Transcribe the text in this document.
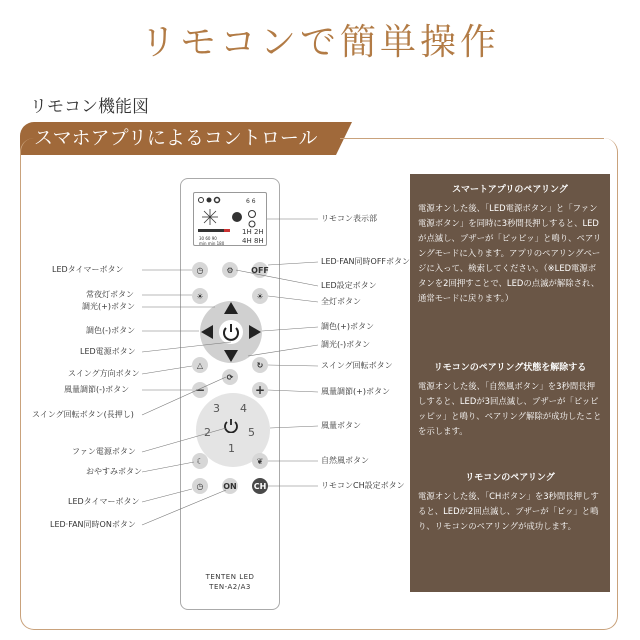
リモコンで簡単操作
リモコン機能図
スマホアプリによるコントロール
6 6
30 60 90
min min 180
1H 2H
4H 8H
◷	⚙ OFF
☀	☀
△	↻
−
⟳
+
3 4
2	5
1
☾	❦
◷ ON CH
TENTEN LED
TEN-A2/A3
LEDタイマーボタン
常夜灯ボタン
調光(+)ボタン
調色(-)ボタン
LED電源ボタン
スイング方向ボタン
風量調節(-)ボタン
スイング回転ボタン(長押し)
ファン電源ボタン
おやすみボタン
LEDタイマーボタン
LED·FAN同時ONボタン
リモコン表示部
LED·FAN同時OFFボタン
LED設定ボタン
全灯ボタン
調色(+)ボタン
調光(-)ボタン
スイング回転ボタン
風量調節(+)ボタン
風量ボタン
自然風ボタン
リモコンCH設定ボタン
スマートアプリのペアリング

電源オンした後、「LED電源ボタン」と「ファン電源ボタン」を同時に3秒間長押しすると、LEDが点滅し、ブザーが「ピッピッ」と鳴り、ペアリングモードに入ります。アプリのペアリングページに入って、検索してください。（※LED電源ボタンを2回押すことで、LEDの点滅が解除され、通常モードに戻ります。）

リモコンのペアリング状態を解除する

電源オンした後、「自然風ボタン」を3秒間長押しすると、LEDが3回点滅し、ブザーが「ピッピッピッ」と鳴り、ペアリング解除が成功したことを示します。

リモコンのペアリング

電源オンした後、「CHボタン」を3秒間長押しすると、LEDが2回点滅し、ブザーが「ピッ」と鳴り、リモコンのペアリングが成功します。
